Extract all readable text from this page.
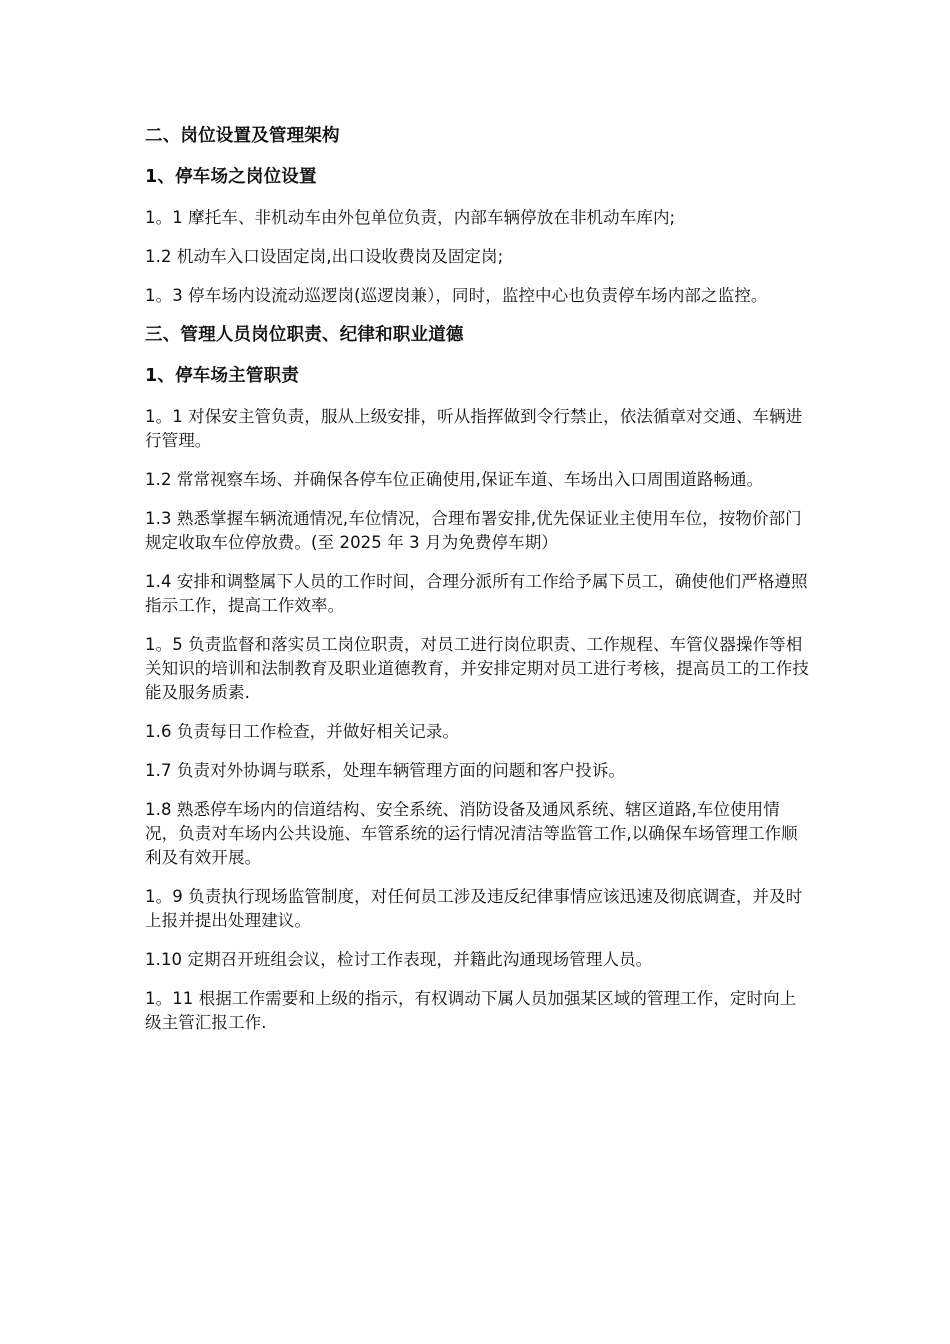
二、岗位设置及管理架构
1、停车场之岗位设置
1。1 摩托车、非机动车由外包单位负责，内部车辆停放在非机动车库内;
1.2 机动车入口设固定岗,出口设收费岗及固定岗;
1。3 停车场内设流动巡逻岗(巡逻岗兼），同时，监控中心也负责停车场内部之监控。
三、管理人员岗位职责、纪律和职业道德
1、停车场主管职责
1。1 对保安主管负责，服从上级安排，听从指挥做到令行禁止，依法循章对交通、车辆进行管理。
1.2 常常视察车场、并确保各停车位正确使用,保证车道、车场出入口周围道路畅通。
1.3 熟悉掌握车辆流通情况,车位情况，合理布署安排,优先保证业主使用车位，按物价部门规定收取车位停放费。(至 2025 年 3 月为免费停车期）
1.4 安排和调整属下人员的工作时间，合理分派所有工作给予属下员工，确使他们严格遵照指示工作，提高工作效率。
1。5 负责监督和落实员工岗位职责，对员工进行岗位职责、工作规程、车管仪器操作等相关知识的培训和法制教育及职业道德教育，并安排定期对员工进行考核，提高员工的工作技能及服务质素.
1.6 负责每日工作检查，并做好相关记录。
1.7 负责对外协调与联系，处理车辆管理方面的问题和客户投诉。
1.8 熟悉停车场内的信道结构、安全系统、消防设备及通风系统、辖区道路,车位使用情况，负责对车场内公共设施、车管系统的运行情况清洁等监管工作,以确保车场管理工作顺利及有效开展。
1。9 负责执行现场监管制度，对任何员工涉及违反纪律事情应该迅速及彻底调查，并及时上报并提出处理建议。
1.10 定期召开班组会议，检讨工作表现，并籍此沟通现场管理人员。
1。11 根据工作需要和上级的指示，有权调动下属人员加强某区域的管理工作，定时向上级主管汇报工作.
